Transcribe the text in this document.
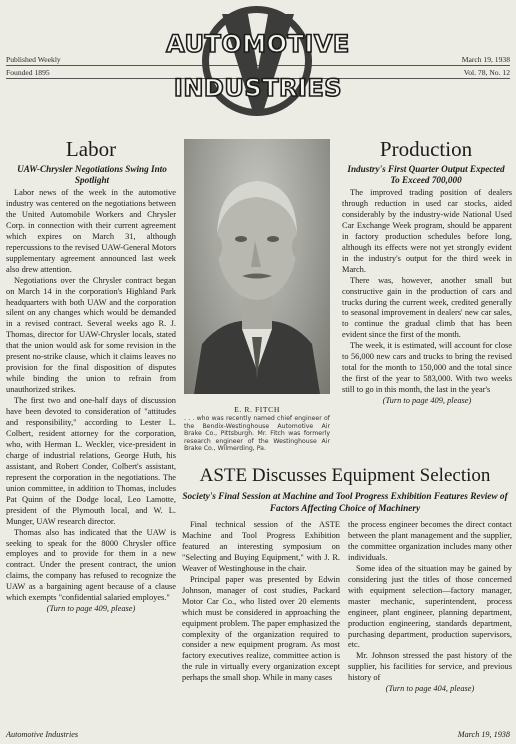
Published Weekly
Founded 1895
March 19, 1938
Vol. 78, No. 12
AUTOMOTIVE
INDUSTRIES
Labor
UAW-Chrysler Negotiations Swing Into Spotlight

Labor news of the week in the automotive industry was centered on the negotiations between the United Automobile Workers and Chrysler Corp. in connection with their current agreement which expires on March 31, although repercussions to the revised UAW-General Motors supplementary agreement announced last week also drew attention.

Negotiations over the Chrysler contract began on March 14 in the corporation's Highland Park headquarters with both UAW and the corporation silent on any changes which would be demanded in a revised contract. Several weeks ago R. J. Thomas, director for UAW-Chrysler locals, stated that the union would ask for some revision in the present no-strike clause, which it claims leaves no provision for the final disposition of disputes while binding the union to refrain from unauthorized strikes.

The first two and one-half days of discussion have been devoted to consideration of "attitudes and responsibility," according to Lester L. Colbert, resident attorney for the corporation, who, with Herman L. Weckler, vice-president in charge of industrial relations, George Huth, his assistant, and Robert Conder, Colbert's assistant, represent the corporation in the negotiations. The union committee, in addition to Thomas, includes Pat Quinn of the Dodge local, Leo Lamotte, president of the Plymouth local, and W. L. Munger, UAW research director.

Thomas also has indicated that the UAW is seeking to speak for the 8000 Chrysler office employes and to provide for them in a new contract. Under the present contract, the union claims, the company has refused to recognize the UAW as a bargaining agent because of a clause which exempts "confidential salaried employes."

(Turn to page 409, please)

E. R. FITCH
. . . who was recently named chief engineer of the Bendix-Westinghouse Automotive Air Brake Co., Pittsburgh. Mr. Fitch was formerly research engineer of the Westinghouse Air Brake Co., Wilmerding, Pa.
Production
Industry's First Quarter Output Expected To Exceed 700,000

The improved trading position of dealers through reduction in used car stocks, aided considerably by the industry-wide National Used Car Exchange Week program, should be apparent in factory production schedules before long, although its effects were not yet strongly evident in the industry's output for the third week in March.

There was, however, another small but constructive gain in the production of cars and trucks during the current week, credited generally to seasonal improvement in dealers' new car sales, to continue the gradual climb that has been evident since the first of the month.

The week, it is estimated, will account for close to 56,000 new cars and trucks to bring the revised total for the month to 150,000 and the total since the first of the year to 583,000. With two weeks still to go in this month, the last in the year's

(Turn to page 409, please)

ASTE Discusses Equipment Selection
Society's Final Session at Machine and Tool Progress Exhibition Features Review of Factors Affecting Choice of Machinery

Final technical session of the ASTE Machine and Tool Progress Exhibition featured an interesting symposium on "Selecting and Buying Equipment," with J. R. Weaver of Westinghouse in the chair.

Principal paper was presented by Edwin Johnson, manager of cost studies, Packard Motor Car Co., who listed over 20 elements which must be considered in approaching the equipment problem. The paper emphasized the complexity of the organization required to consider a new equipment program. As most factory executives realize, committee action is the rule in virtually every organization except perhaps the small shop. While in many cases

the process engineer becomes the direct contact between the plant management and the supplier, the committee organization includes many other individuals.

Some idea of the situation may be gained by considering just the titles of those concerned with equipment selection—factory manager, master mechanic, superintendent, process engineer, plant engineer, planning department, production engineering, standards department, purchasing department, production supervisors, etc.

Mr. Johnson stressed the past history of the supplier, his facilities for service, and previous history of

(Turn to page 404, please)

Automotive Industries	March 19, 1938
